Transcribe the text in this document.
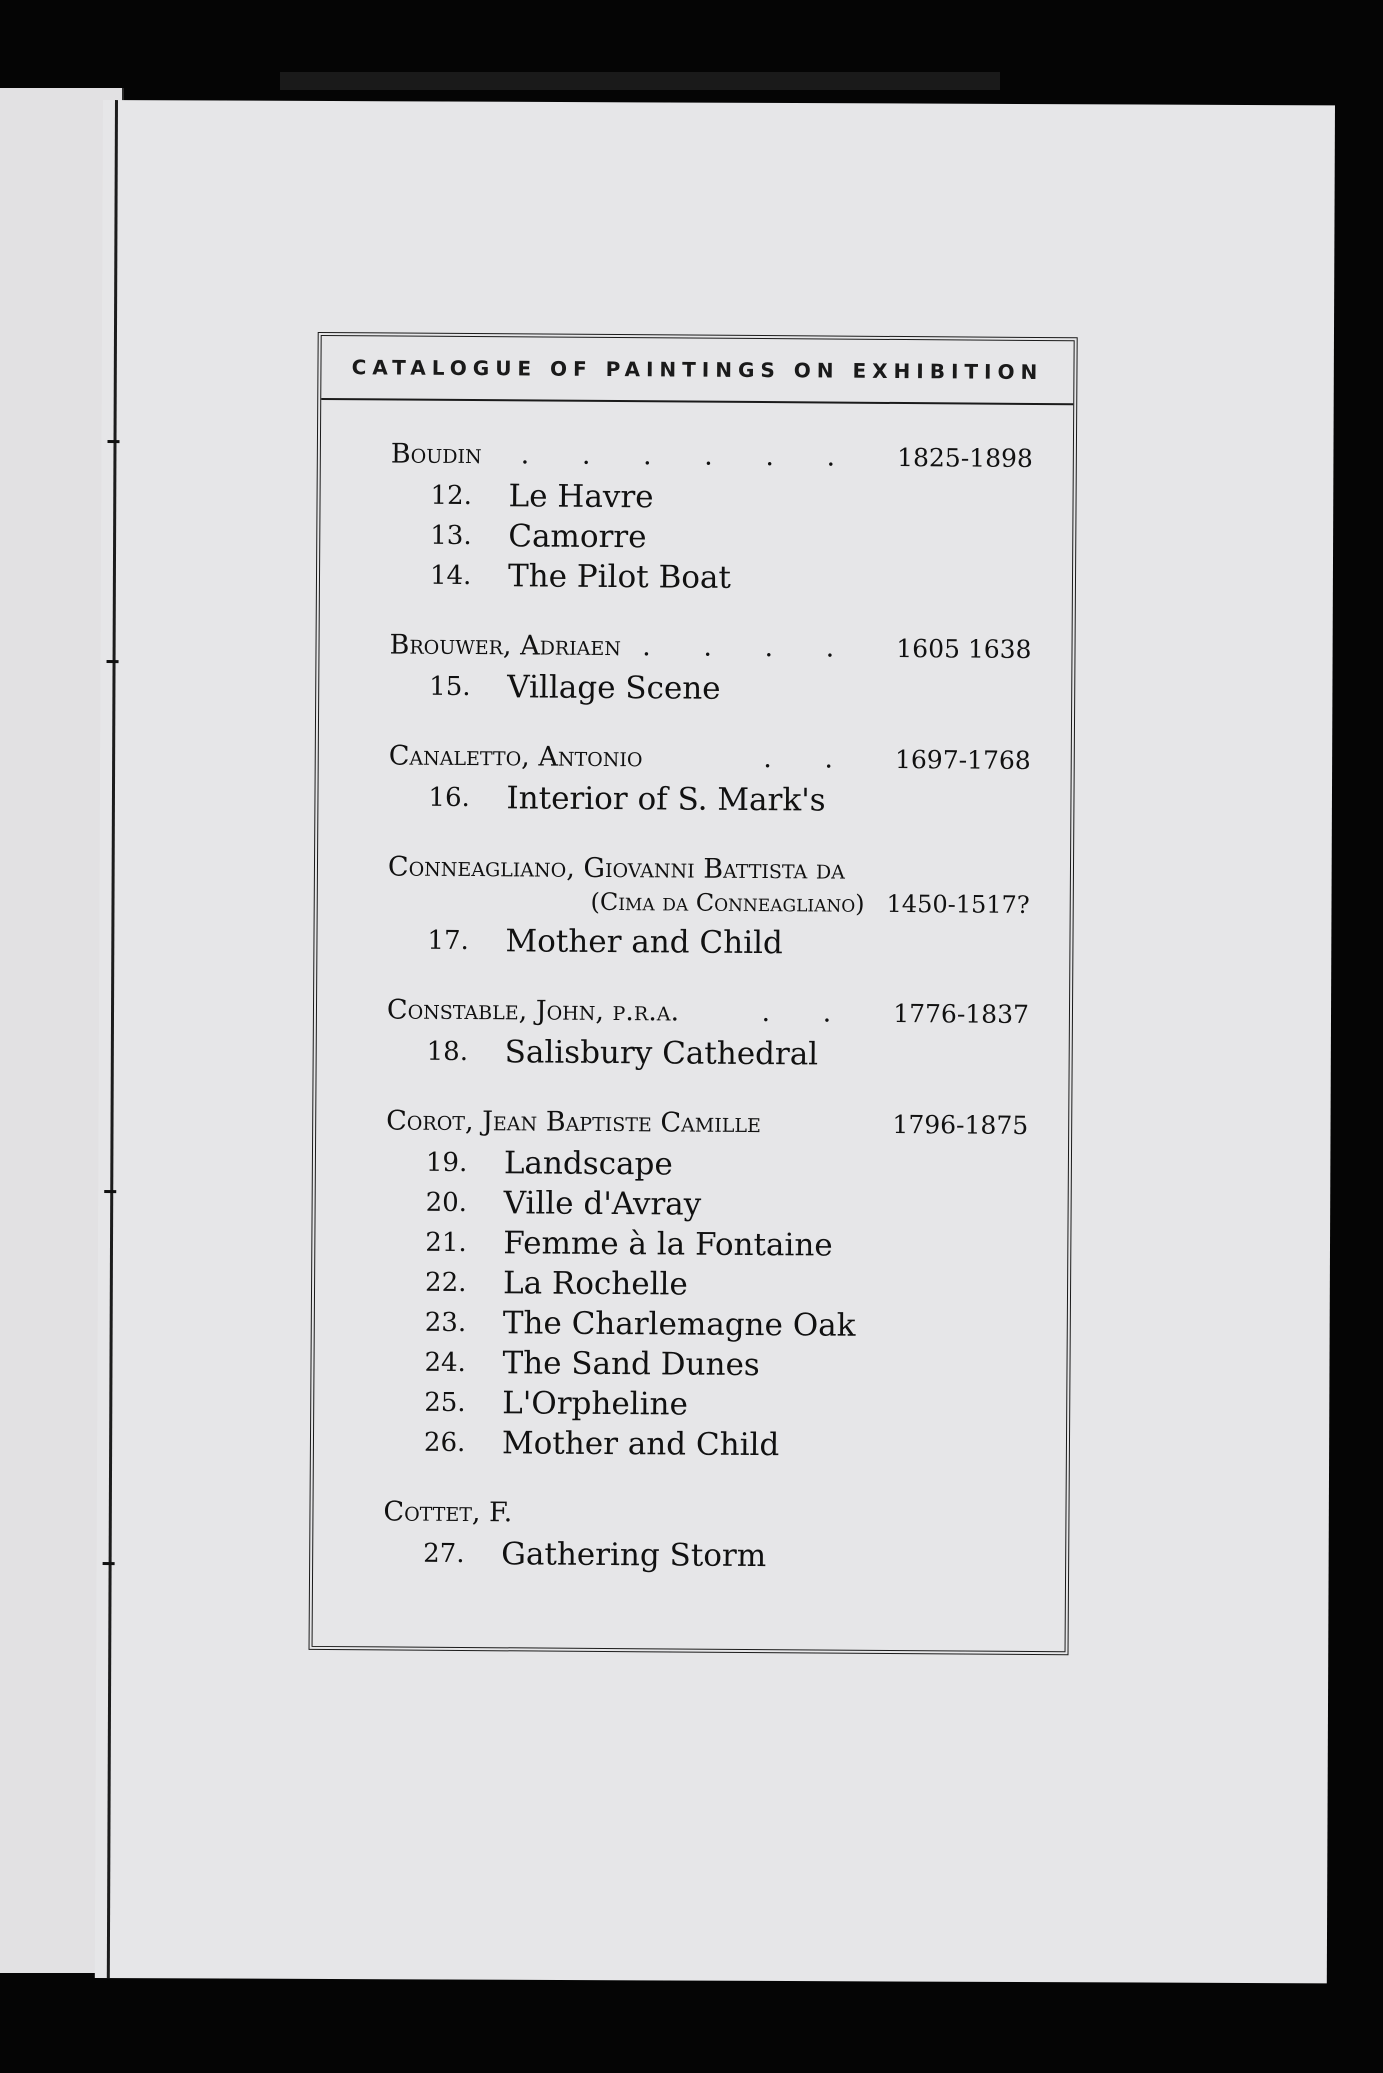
CATALOGUE OF PAINTINGS ON EXHIBITION
Boudin	. . . . . .	1825-1898
12.	Le Havre
13.	Camorre
14.	The Pilot Boat
Brouwer, Adriaen . . . .	1605 1638
15.	Village Scene
Canaletto, Antonio	. .	1697-1768
16.	Interior of S. Mark's
Conneagliano, Giovanni Battista da
(Cima da Conneagliano) 1450-1517?
17.	Mother and Child
Constable, John, p.r.a.	. .	1776-1837
18.	Salisbury Cathedral
Corot, Jean Baptiste Camille	1796-1875
19.	Landscape
20.	Ville d'Avray
21.	Femme à la Fontaine
22.	La Rochelle
23.	The Charlemagne Oak
24.	The Sand Dunes
25.	L'Orpheline
26.	Mother and Child
Cottet, F.
27.	Gathering Storm
